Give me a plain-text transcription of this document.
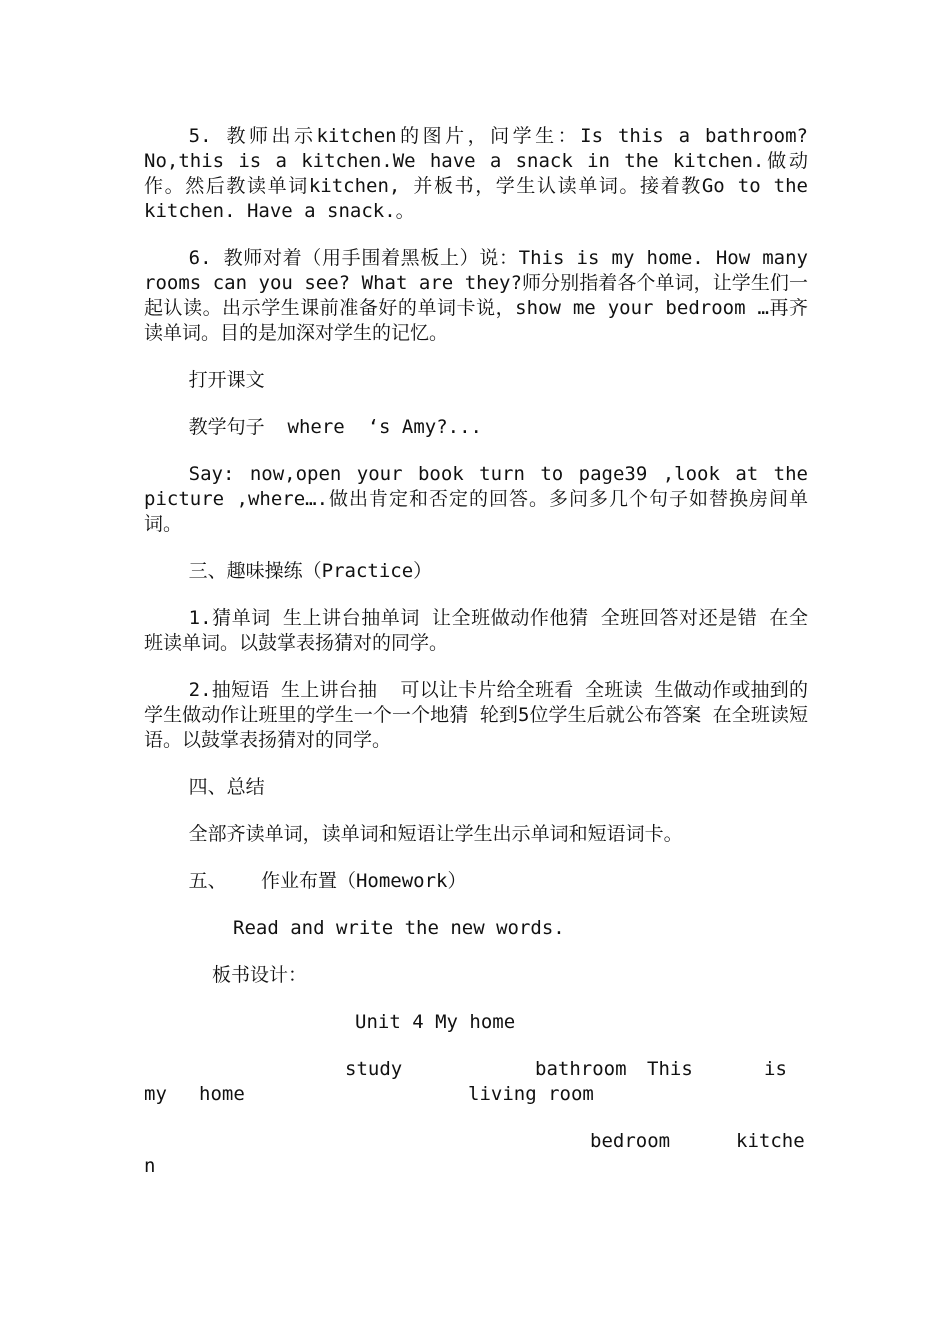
5. 教师出示kitchen的图片，问学生：Is this a bathroom? No,this is a kitchen.We have a snack in the kitchen.做动作。然后教读单词kitchen, 并板书，学生认读单词。接着教Go to the kitchen. Have a snack.。

6. 教师对着（用手围着黑板上）说：This is my home. How many rooms can you see? What are they?师分别指着各个单词，让学生们一起认读。出示学生课前准备好的单词卡说，show me your bedroom …再齐读单词。目的是加深对学生的记忆。

打开课文

教学句子  where  ‘s Amy?...

Say: now,open your book turn to page39 ,look at the picture ,where….做出肯定和否定的回答。多问多几个句子如替换房间单词。

三、趣味操练（Practice）

1.猜单词 生上讲台抽单词 让全班做动作他猜 全班回答对还是错 在全班读单词。以鼓掌表扬猜对的同学。

2.抽短语 生上讲台抽  可以让卡片给全班看 全班读 生做动作或抽到的学生做动作让班里的学生一个一个地猜 轮到5位学生后就公布答案 在全班读短语。以鼓掌表扬猜对的同学。

四、总结

全部齐读单词，读单词和短语让学生出示单词和短语词卡。

五、   作业布置（Homework）

Read and write the new words.
板书设计：
Unit 4 My home
study	bathroom This	is
my home	living room
bedroom	kitche
n
